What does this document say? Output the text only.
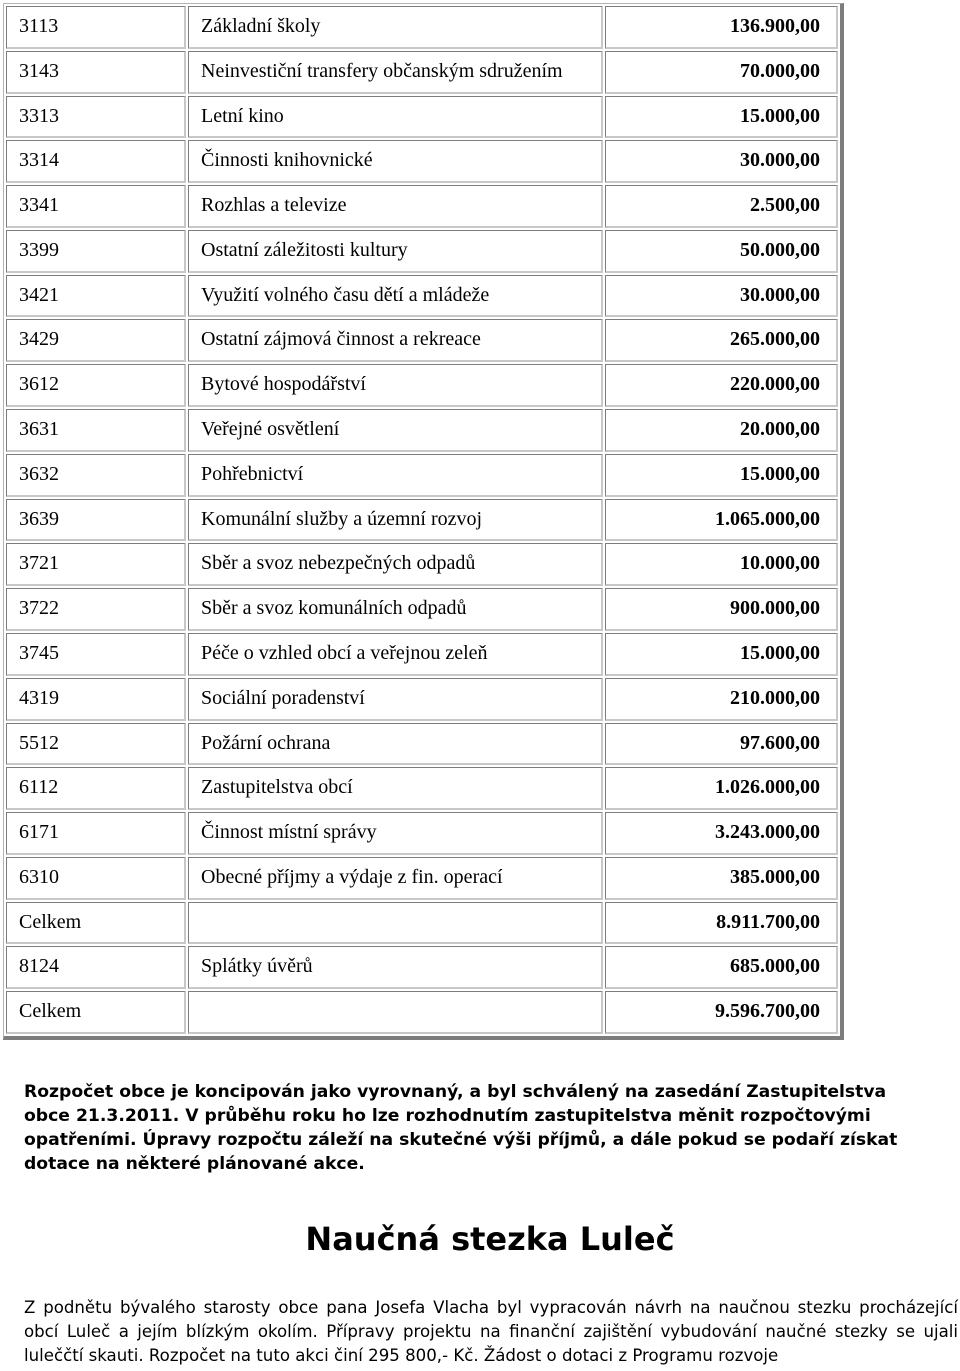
3113	Základní školy	136.900,00
3143	Neinvestiční transfery občanským sdružením	70.000,00
3313	Letní kino	15.000,00
3314	Činnosti knihovnické	30.000,00
3341	Rozhlas a televize	2.500,00
3399	Ostatní záležitosti kultury	50.000,00
3421	Využití volného času dětí a mládeže	30.000,00
3429	Ostatní zájmová činnost a rekreace	265.000,00
3612	Bytové hospodářství	220.000,00
3631	Veřejné osvětlení	20.000,00
3632	Pohřebnictví	15.000,00
3639	Komunální služby a územní rozvoj	1.065.000,00
3721	Sběr a svoz nebezpečných odpadů	10.000,00
3722	Sběr a svoz komunálních odpadů	900.000,00
3745	Péče o vzhled obcí a veřejnou zeleň	15.000,00
4319	Sociální poradenství	210.000,00
5512	Požární ochrana	97.600,00
6112	Zastupitelstva obcí	1.026.000,00
6171	Činnost místní správy	3.243.000,00
6310	Obecné příjmy a výdaje z fin. operací	385.000,00
Celkem		8.911.700,00
8124	Splátky úvěrů	685.000,00
Celkem		9.596.700,00

Rozpočet obce je koncipován jako vyrovnaný, a byl schválený na zasedání Zastupitelstva obce 21.3.2011. V průběhu roku ho lze rozhodnutím zastupitelstva měnit rozpočtovými opatřeními. Úpravy rozpočtu záleží na skutečné výši příjmů, a dále pokud se podaří získat dotace na některé plánované akce.

Naučná stezka Luleč

Z podnětu bývalého starosty obce pana Josefa Vlacha byl vypracován návrh na naučnou stezku procházející obcí Luleč a jejím blízkým okolím. Přípravy projektu na finanční zajištění vybudování naučné stezky se ujali luleččtí skauti. Rozpočet na tuto akci činí 295 800,- Kč. Žádost o dotaci z Programu rozvoje
